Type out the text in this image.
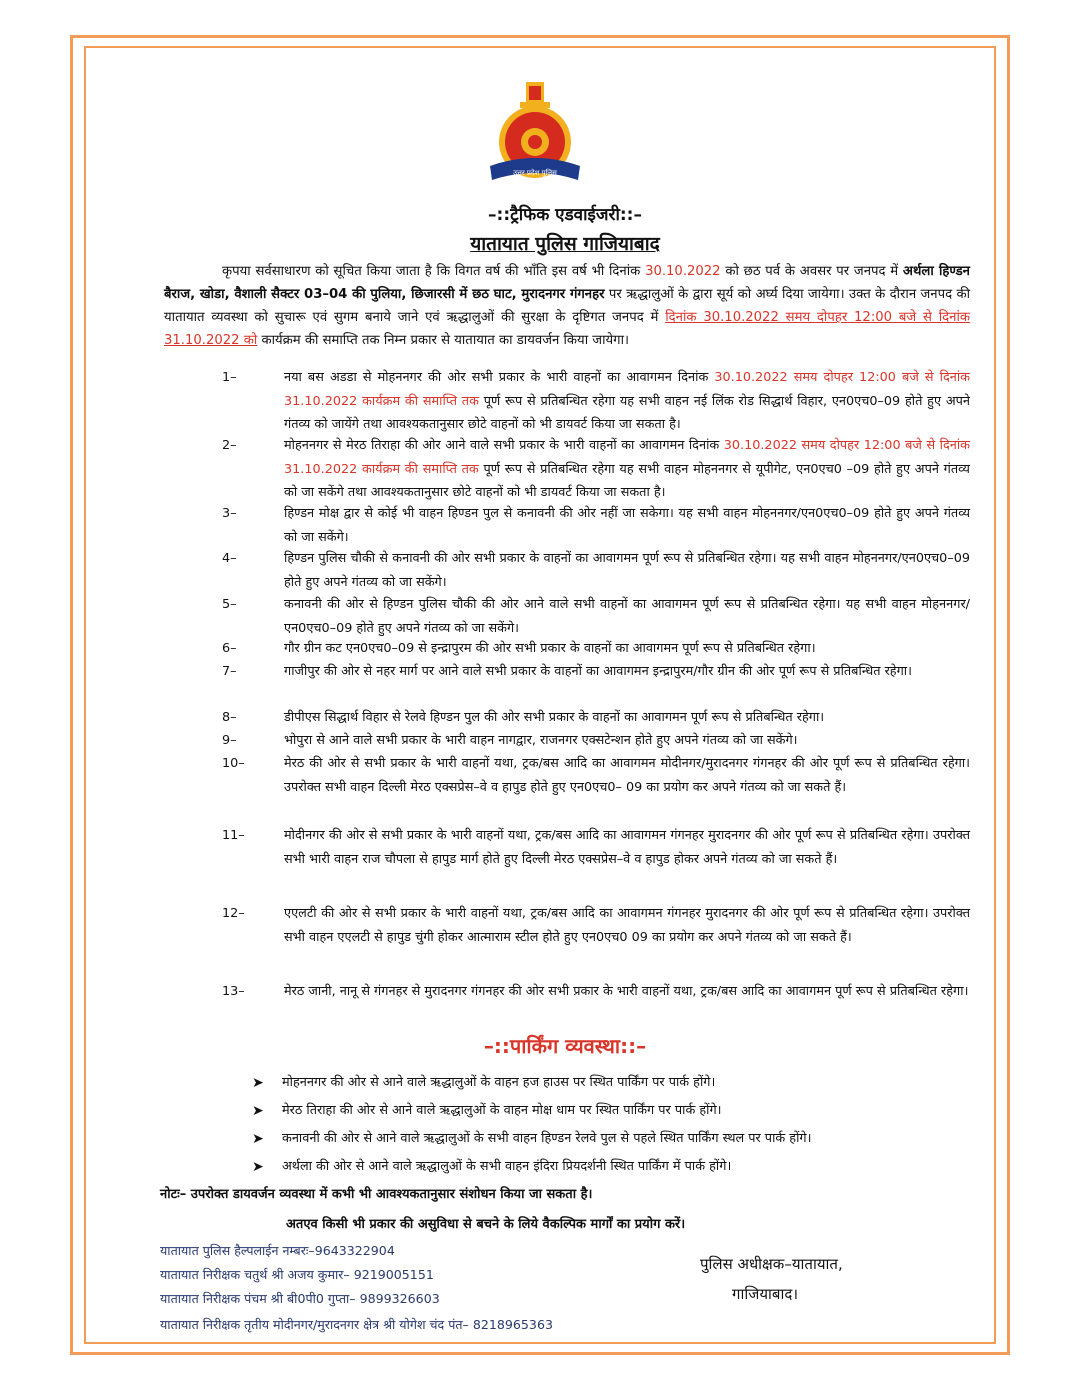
उत्तर प्रदेश पुलिस
–::ट्रैफिक एडवाईजरी::–
यातायात पुलिस गाजियाबाद

कृपया सर्वसाधारण को सूचित किया जाता है कि विगत वर्ष की भाँति इस वर्ष भी दिनांक 30.10.2022 को छठ पर्व के अवसर पर जनपद में अर्थला हिण्डन बैराज, खोडा, वैशाली सैक्टर 03–04 की पुलिया, छिजारसी में छठ घाट, मुरादनगर गंगनहर पर ऋद्धालुओं के द्वारा सूर्य को अर्घ्य दिया जायेगा। उक्त के दौरान जनपद की यातायात व्यवस्था को सुचारू एवं सुगम बनाये जाने एवं ऋद्धालुओं की सुरक्षा के दृष्टिगत जनपद में दिनांक 30.10.2022 समय दोपहर 12:00 बजे से दिनांक 31.10.2022 को कार्यक्रम की समाप्ति तक निम्न प्रकार से यातायात का डायवर्जन किया जायेगा।

1–	नया बस अडडा से मोहननगर की ओर सभी प्रकार के भारी वाहनों का आवागमन दिनांक 30.10.2022 समय दोपहर 12:00 बजे से दिनांक 31.10.2022 कार्यक्रम की समाप्ति तक पूर्ण रूप से प्रतिबन्धित रहेगा यह सभी वाहन नई लिंक रोड सिद्धार्थ विहार, एन0एच0–09 होते हुए अपने गंतव्य को जायेंगे तथा आवश्यकतानुसार छोटे वाहनों को भी डायवर्ट किया जा सकता है।
2–	मोहननगर से मेरठ तिराहा की ओर आने वाले सभी प्रकार के भारी वाहनों का आवागमन दिनांक 30.10.2022 समय दोपहर 12:00 बजे से दिनांक 31.10.2022 कार्यक्रम की समाप्ति तक पूर्ण रूप से प्रतिबन्धित रहेगा यह सभी वाहन मोहननगर से यूपीगेट, एन0एच0 –09 होते हुए अपने गंतव्य को जा सकेंगे तथा आवश्यकतानुसार छोटे वाहनों को भी डायवर्ट किया जा सकता है।
3–	हिण्डन मोक्ष द्वार से कोई भी वाहन हिण्डन पुल से कनावनी की ओर नहीं जा सकेगा। यह सभी वाहन मोहननगर/एन0एच0–09 होते हुए अपने गंतव्य को जा सकेंगे।
4–	हिण्डन पुलिस चौकी से कनावनी की ओर सभी प्रकार के वाहनों का आवागमन पूर्ण रूप से प्रतिबन्धित रहेगा। यह सभी वाहन मोहननगर/एन0एच0–09 होते हुए अपने गंतव्य को जा सकेंगे।
5–	कनावनी की ओर से हिण्डन पुलिस चौकी की ओर आने वाले सभी वाहनों का आवागमन पूर्ण रूप से प्रतिबन्धित रहेगा। यह सभी वाहन मोहननगर/एन0एच0–09 होते हुए अपने गंतव्य को जा सकेंगे।
6–	गौर ग्रीन कट एन0एच0–09 से इन्द्रापुरम की ओर सभी प्रकार के वाहनों का आवागमन पूर्ण रूप से प्रतिबन्धित रहेगा।
7–	गाजीपुर की ओर से नहर मार्ग पर आने वाले सभी प्रकार के वाहनों का आवागमन इन्द्रापुरम/गौर ग्रीन की ओर पूर्ण रूप से प्रतिबन्धित रहेगा।
8–	डीपीएस सिद्धार्थ विहार से रेलवे हिण्डन पुल की ओर सभी प्रकार के वाहनों का आवागमन पूर्ण रूप से प्रतिबन्धित रहेगा।
9–	भोपुरा से आने वाले सभी प्रकार के भारी वाहन नागद्वार, राजनगर एक्सटेन्शन होते हुए अपने गंतव्य को जा सकेंगे।
10–	मेरठ की ओर से सभी प्रकार के भारी वाहनों यथा, ट्रक/बस आदि का आवागमन मोदीनगर/मुरादनगर गंगनहर की ओर पूर्ण रूप से प्रतिबन्धित रहेगा। उपरोक्त सभी वाहन दिल्ली मेरठ एक्सप्रेस–वे व हापुड होते हुए एन0एच0– 09 का प्रयोग कर अपने गंतव्य को जा सकते हैं।
11–	मोदीनगर की ओर से सभी प्रकार के भारी वाहनों यथा, ट्रक/बस आदि का आवागमन गंगनहर मुरादनगर की ओर पूर्ण रूप से प्रतिबन्धित रहेगा। उपरोक्त सभी भारी वाहन राज चौपला से हापुड मार्ग होते हुए दिल्ली मेरठ एक्सप्रेस–वे व हापुड होकर अपने गंतव्य को जा सकते हैं।
12–	एएलटी की ओर से सभी प्रकार के भारी वाहनों यथा, ट्रक/बस आदि का आवागमन गंगनहर मुरादनगर की ओर पूर्ण रूप से प्रतिबन्धित रहेगा। उपरोक्त सभी वाहन एएलटी से हापुड चुंगी होकर आत्माराम स्टील होते हुए एन0एच0 09 का प्रयोग कर अपने गंतव्य को जा सकते हैं।
13–	मेरठ जानी, नानू से गंगनहर से मुरादनगर गंगनहर की ओर सभी प्रकार के भारी वाहनों यथा, ट्रक/बस आदि का आवागमन पूर्ण रूप से प्रतिबन्धित रहेगा।
–::पार्किंग व्यवस्था::–
➤ मोहननगर की ओर से आने वाले ऋद्धालुओं के वाहन हज हाउस पर स्थित पार्किंग पर पार्क होंगे।
➤ मेरठ तिराहा की ओर से आने वाले ऋद्धालुओं के वाहन मोक्ष धाम पर स्थित पार्किंग पर पार्क होंगे।
➤ कनावनी की ओर से आने वाले ऋद्धालुओं के सभी वाहन हिण्डन रेलवे पुल से पहले स्थित पार्किंग स्थल पर पार्क होंगे।
➤ अर्थला की ओर से आने वाले ऋद्धालुओं के सभी वाहन इंदिरा प्रियदर्शनी स्थित पार्किंग में पार्क होंगे।
नोटः– उपरोक्त डायवर्जन व्यवस्था में कभी भी आवश्यकतानुसार संशोधन किया जा सकता है।
अतएव किसी भी प्रकार की असुविधा से बचने के लिये वैकल्पिक मार्गों का प्रयोग करें।
यातायात पुलिस हैल्पलाईन नम्बरः–9643322904
यातायात निरीक्षक चतुर्थ श्री अजय कुमार– 9219005151
यातायात निरीक्षक पंचम श्री बी0पी0 गुप्ता– 9899326603
यातायात निरीक्षक तृतीय मोदीनगर/मुरादनगर क्षेत्र श्री योगेश चंद पंत– 8218965363
पुलिस अधीक्षक–यातायात,
गाजियाबाद।
